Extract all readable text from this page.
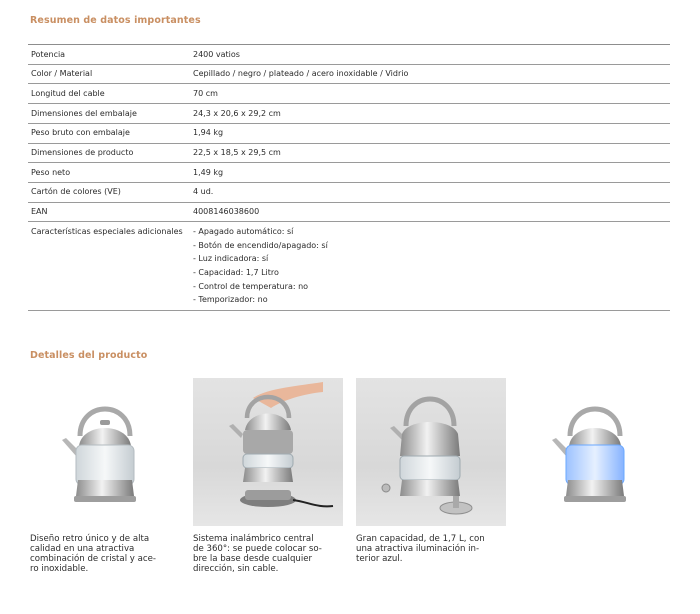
Resumen de datos importantes
Potencia	2400 vatios
Color / Material	Cepillado / negro / plateado / acero inoxidable / Vidrio
Longitud del cable	70 cm
Dimensiones del embalaje	24,3 x 20,6 x 29,2 cm
Peso bruto con embalaje	1,94 kg
Dimensiones de producto	22,5 x 18,5 x 29,5 cm
Peso neto	1,49 kg
Cartón de colores (VE)	4 ud.
EAN	4008146038600
Características especiales adicionales	- Apagado automático: sí
- Botón de encendido/apagado: sí
- Luz indicadora: sí
- Capacidad: 1,7 Litro
- Control de temperatura: no
- Temporizador: no
Detalles del producto
Diseño retro único y de alta
calidad en una atractiva
combinación de cristal y ace-
ro inoxidable.
Sistema inalámbrico central
de 360°: se puede colocar so-
bre la base desde cualquier
dirección, sin cable.
Gran capacidad, de 1,7 L, con
una atractiva iluminación in-
terior azul.
